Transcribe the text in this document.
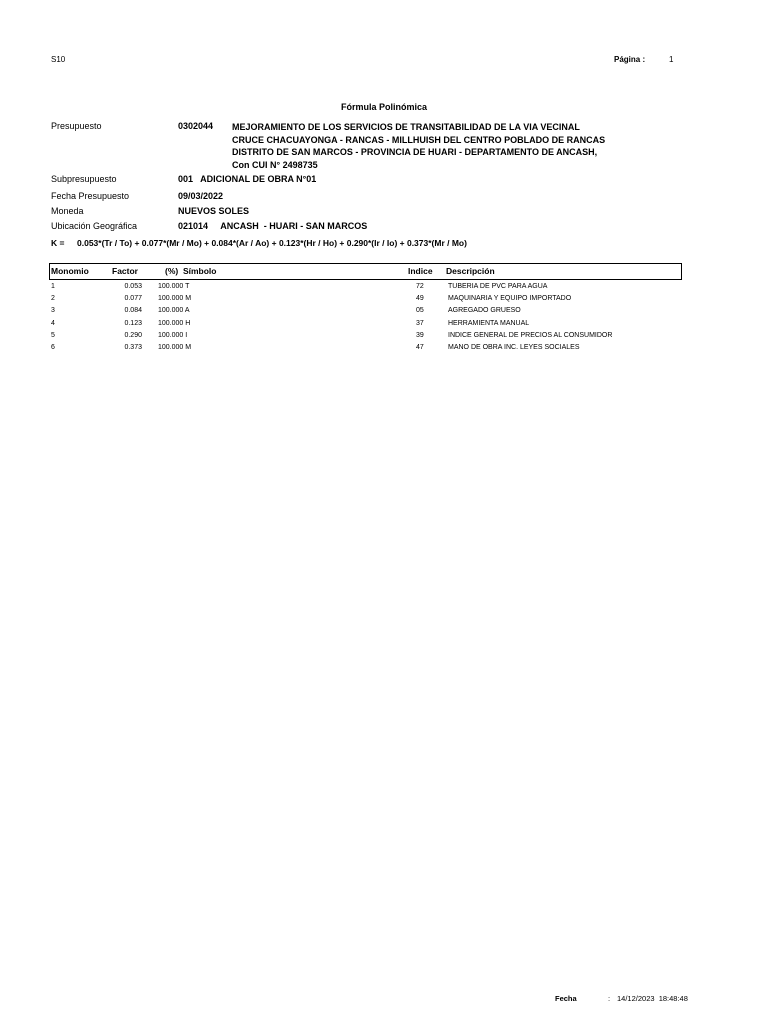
S10	Página :	1
Fórmula Polinómica
Presupuesto	0302044 MEJORAMIENTO DE LOS SERVICIOS DE TRANSITABILIDAD DE LA VIA VECINAL CRUCE CHACUAYONGA - RANCAS - MILLHUISH DEL CENTRO POBLADO DE RANCAS DISTRITO DE SAN MARCOS - PROVINCIA DE HUARI - DEPARTAMENTO DE ANCASH, Con CUI N° 2498735
Subpresupuesto	001   ADICIONAL DE OBRA N°01
Fecha Presupuesto	09/03/2022
Moneda	NUEVOS SOLES
Ubicación Geográfica	021014     ANCASH  - HUARI - SAN MARCOS
K = 0.053*(Tr / To) + 0.077*(Mr / Mo) + 0.084*(Ar / Ao) + 0.123*(Hr / Ho) + 0.290*(Ir / Io) + 0.373*(Mr / Mo)
Monomio	Factor	(%)  Símbolo	Indice Descripción
1	0.053 100.000 T	72	TUBERIA DE PVC PARA AGUA
2	0.077 100.000 M	49	MAQUINARIA Y EQUIPO IMPORTADO
3	0.084 100.000 A	05	AGREGADO GRUESO
4	0.123 100.000 H	37	HERRAMIENTA MANUAL
5	0.290 100.000 I	39	INDICE GENERAL DE PRECIOS AL CONSUMIDOR
6	0.373 100.000 M	47	MANO DE OBRA INC. LEYES SOCIALES
Fecha	: 14/12/2023  18:48:48
